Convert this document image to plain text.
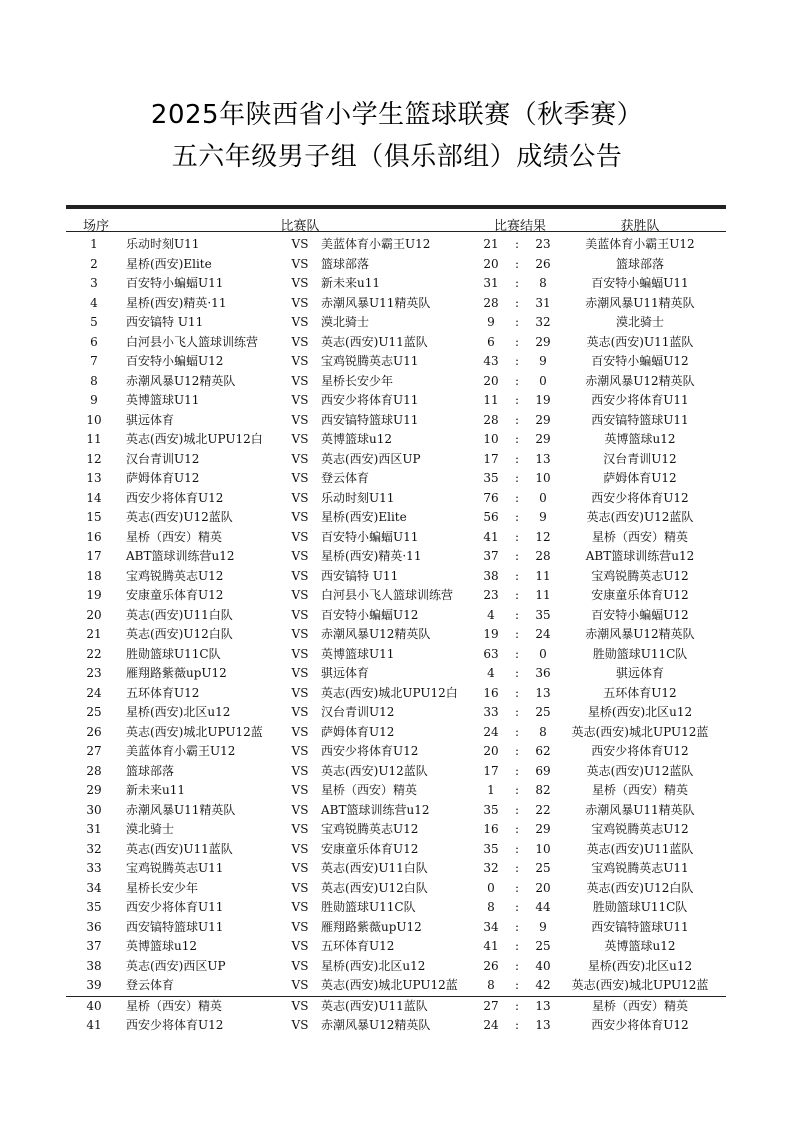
2025年陕西省小学生篮球联赛（秋季赛）
五六年级男子组（俱乐部组）成绩公告
场序	比赛队	比赛结果	获胜队
1	乐动时刻U11	VS	美蓝体育小霸王U12	21	:	23	美蓝体育小霸王U12
2	星桥(西安)Elite	VS	篮球部落	20	:	26	篮球部落
3	百安特小蝙蝠U11	VS	新未来u11	31	:	8	百安特小蝙蝠U11
4	星桥(西安)精英·11	VS	赤潮风暴U11精英队	28	:	31	赤潮风暴U11精英队
5	西安镐特 U11	VS	漠北骑士	9	:	32	漠北骑士
6	白河县小飞人篮球训练营	VS	英志(西安)U11蓝队	6	:	29	英志(西安)U11蓝队
7	百安特小蝙蝠U12	VS	宝鸡锐腾英志U11	43	:	9	百安特小蝙蝠U12
8	赤潮风暴U12精英队	VS	星桥长安少年	20	:	0	赤潮风暴U12精英队
9	英博篮球U11	VS	西安少将体育U11	11	:	19	西安少将体育U11
10	骐远体育	VS	西安镐特篮球U11	28	:	29	西安镐特篮球U11
11	英志(西安)城北UPU12白	VS	英博篮球u12	10	:	29	英博篮球u12
12	汉台青训U12	VS	英志(西安)西区UP	17	:	13	汉台青训U12
13	萨姆体育U12	VS	登云体育	35	:	10	萨姆体育U12
14	西安少将体育U12	VS	乐动时刻U11	76	:	0	西安少将体育U12
15	英志(西安)U12蓝队	VS	星桥(西安)Elite	56	:	9	英志(西安)U12蓝队
16	星桥（西安）精英	VS	百安特小蝙蝠U11	41	:	12	星桥（西安）精英
17	ABT篮球训练营u12	VS	星桥(西安)精英·11	37	:	28	ABT篮球训练营u12
18	宝鸡锐腾英志U12	VS	西安镐特 U11	38	:	11	宝鸡锐腾英志U12
19	安康童乐体育U12	VS	白河县小飞人篮球训练营	23	:	11	安康童乐体育U12
20	英志(西安)U11白队	VS	百安特小蝙蝠U12	4	:	35	百安特小蝙蝠U12
21	英志(西安)U12白队	VS	赤潮风暴U12精英队	19	:	24	赤潮风暴U12精英队
22	胜勋篮球U11C队	VS	英博篮球U11	63	:	0	胜勋篮球U11C队
23	雁翔路紫薇upU12	VS	骐远体育	4	:	36	骐远体育
24	五环体育U12	VS	英志(西安)城北UPU12白	16	:	13	五环体育U12
25	星桥(西安)北区u12	VS	汉台青训U12	33	:	25	星桥(西安)北区u12
26	英志(西安)城北UPU12蓝	VS	萨姆体育U12	24	:	8	英志(西安)城北UPU12蓝
27	美蓝体育小霸王U12	VS	西安少将体育U12	20	:	62	西安少将体育U12
28	篮球部落	VS	英志(西安)U12蓝队	17	:	69	英志(西安)U12蓝队
29	新未来u11	VS	星桥（西安）精英	1	:	82	星桥（西安）精英
30	赤潮风暴U11精英队	VS	ABT篮球训练营u12	35	:	22	赤潮风暴U11精英队
31	漠北骑士	VS	宝鸡锐腾英志U12	16	:	29	宝鸡锐腾英志U12
32	英志(西安)U11蓝队	VS	安康童乐体育U12	35	:	10	英志(西安)U11蓝队
33	宝鸡锐腾英志U11	VS	英志(西安)U11白队	32	:	25	宝鸡锐腾英志U11
34	星桥长安少年	VS	英志(西安)U12白队	0	:	20	英志(西安)U12白队
35	西安少将体育U11	VS	胜勋篮球U11C队	8	:	44	胜勋篮球U11C队
36	西安镐特篮球U11	VS	雁翔路紫薇upU12	34	:	9	西安镐特篮球U11
37	英博篮球u12	VS	五环体育U12	41	:	25	英博篮球u12
38	英志(西安)西区UP	VS	星桥(西安)北区u12	26	:	40	星桥(西安)北区u12
39	登云体育	VS	英志(西安)城北UPU12蓝	8	:	42	英志(西安)城北UPU12蓝
40	星桥（西安）精英	VS	英志(西安)U11蓝队	27	:	13	星桥（西安）精英
41	西安少将体育U12	VS	赤潮风暴U12精英队	24	:	13	西安少将体育U12
